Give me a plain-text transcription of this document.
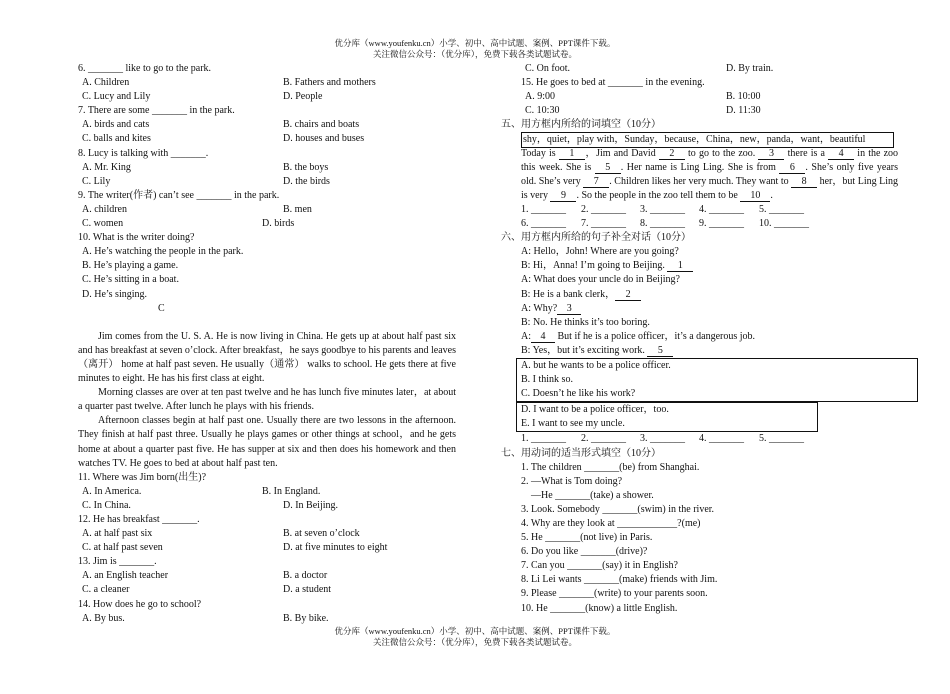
优分库（www.youfenku.cn）小学、初中、高中试题、案例、PPT课件下载。
关注微信公众号：（优分库），免费下载各类试题试卷。
6. _______ like to go to the park.
A. Children	B. Fathers and mothers
C. Lucy and Lily	D. People
7. There are some _______ in the park.
A. birds and cats	B. chairs and boats
C. balls and kites	D. houses and buses
8. Lucy is talking with _______.
A. Mr. King	B. the boys
C. Lily	D. the birds
9. The writer(作者) can’t see _______ in the park.
A. children	B. men
C. women	D. birds
10. What is the writer doing?
A. He’s watching the people in the park.
B. He’s playing a game.
C. He’s sitting in a boat.
D. He’s singing.
C

Jim comes from the U. S. A. He is now living in China. He gets up at about half past six and has breakfast at seven o’clock. After breakfast，he says goodbye to his parents and leaves（离开） home at half past seven. He usually（通常） walks to school. He gets there at five minutes to eight. He has his first class at eight.

Morning classes are over at ten past twelve and he has lunch five minutes later，at about a quarter past twelve. After lunch he plays with his friends.

Afternoon classes begin at half past one. Usually there are two lessons in the afternoon. They finish at half past three. Usually he plays games or other things at school，and he gets home at about a quarter past five. He has supper at six and then does his homework and then watches TV. He goes to bed at about half past ten.

11. Where was Jim born(出生)?
A. In America.	B. In England.
C. In China.	D. In Beijing.
12. He has breakfast _______.
A. at half past six	B. at seven o’clock
C. at half past seven	D. at five minutes to eight
13. Jim is _______.
A. an English teacher	B. a doctor
C. a cleaner	D. a student
14. How does he go to school?
A. By bus.	B. By bike.
C. On foot.	D. By train.
15. He goes to bed at _______ in the evening.
A. 9:00	B. 10:00
C. 10:30	D. 11:30
五、用方框内所给的词填空（10分）
shy，quiet，play with，Sunday，because，China，new，panda，want，beautiful

Today is 1 ，Jim and David 2 to go to the zoo. 3 there is a 4 in the zoo this week. She is 5 . Her name is Ling Ling. She is from 6 . She’s only five years old. She’s very 7 . Children likes her very much. They want to 8 her，but Ling Ling is very 9 . So the people in the zoo tell them to be 10 .

1. _______ 2. _______ 3. _______ 4. _______ 5. _______
6. _______ 7. _______ 8. _______ 9. _______ 10. _______
六、用方框内所给的句子补全对话（10分）
A: Hello，John! Where are you going?
B: Hi，Anna! I’m going to Beijing. 1
A: What does your uncle do in Beijing?
B: He is a bank clerk， 2
A: Why? 3
B: No. He thinks it’s too boring.
A: 4 But if he is a police officer，it’s a dangerous job.
B: Yes，but it’s exciting work. 5
A. but he wants to be a police officer.
B. I think so.
C. Doesn’t he like his work?
D. I want to be a police officer，too.
E. I want to see my uncle.
1. _______ 2. _______ 3. _______ 4. _______ 5. _______
七、用动词的适当形式填空（10分）
1. The children _______(be) from Shanghai.
2. —What is Tom doing?
—He _______(take) a shower.
3. Look. Somebody _______(swim) in the river.
4. Why are they look at ____________?(me)
5. He _______(not live) in Paris.
6. Do you like _______(drive)?
7. Can you _______(say) it in English?
8. Li Lei wants _______(make) friends with Jim.
9. Please _______(write) to your parents soon.
10. He _______(know) a little English.
优分库（www.youfenku.cn）小学、初中、高中试题、案例、PPT课件下载。
关注微信公众号：（优分库），免费下载各类试题试卷。
